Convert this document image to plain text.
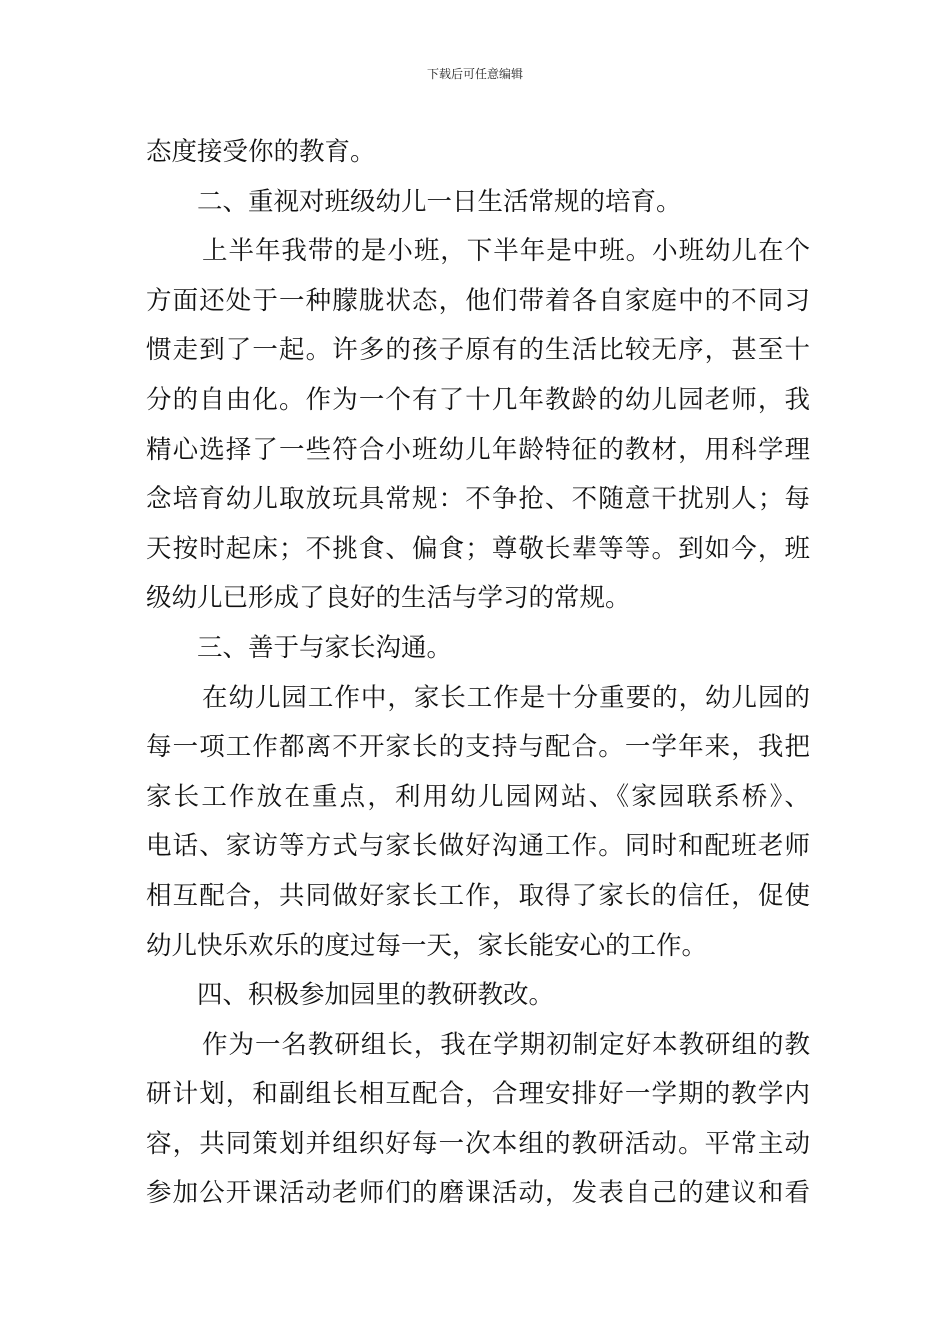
下载后可任意编辑
态度接受你的教育。
二、重视对班级幼儿一日生活常规的培育。
上半年我带的是小班，下半年是中班。小班幼儿在个
方面还处于一种朦胧状态，他们带着各自家庭中的不同习
惯走到了一起。许多的孩子原有的生活比较无序，甚至十
分的自由化。作为一个有了十几年教龄的幼儿园老师，我
精心选择了一些符合小班幼儿年龄特征的教材，用科学理
念培育幼儿取放玩具常规：不争抢、不随意干扰别人；每
天按时起床；不挑食、偏食；尊敬长辈等等。到如今，班
级幼儿已形成了良好的生活与学习的常规。
三、善于与家长沟通。
在幼儿园工作中，家长工作是十分重要的，幼儿园的
每一项工作都离不开家长的支持与配合。一学年来，我把
家长工作放在重点，利用幼儿园网站、《家园联系桥》、
电话、家访等方式与家长做好沟通工作。同时和配班老师
相互配合，共同做好家长工作，取得了家长的信任，促使
幼儿快乐欢乐的度过每一天，家长能安心的工作。
四、积极参加园里的教研教改。
作为一名教研组长，我在学期初制定好本教研组的教
研计划，和副组长相互配合，合理安排好一学期的教学内
容，共同策划并组织好每一次本组的教研活动。平常主动
参加公开课活动老师们的磨课活动，发表自己的建议和看
